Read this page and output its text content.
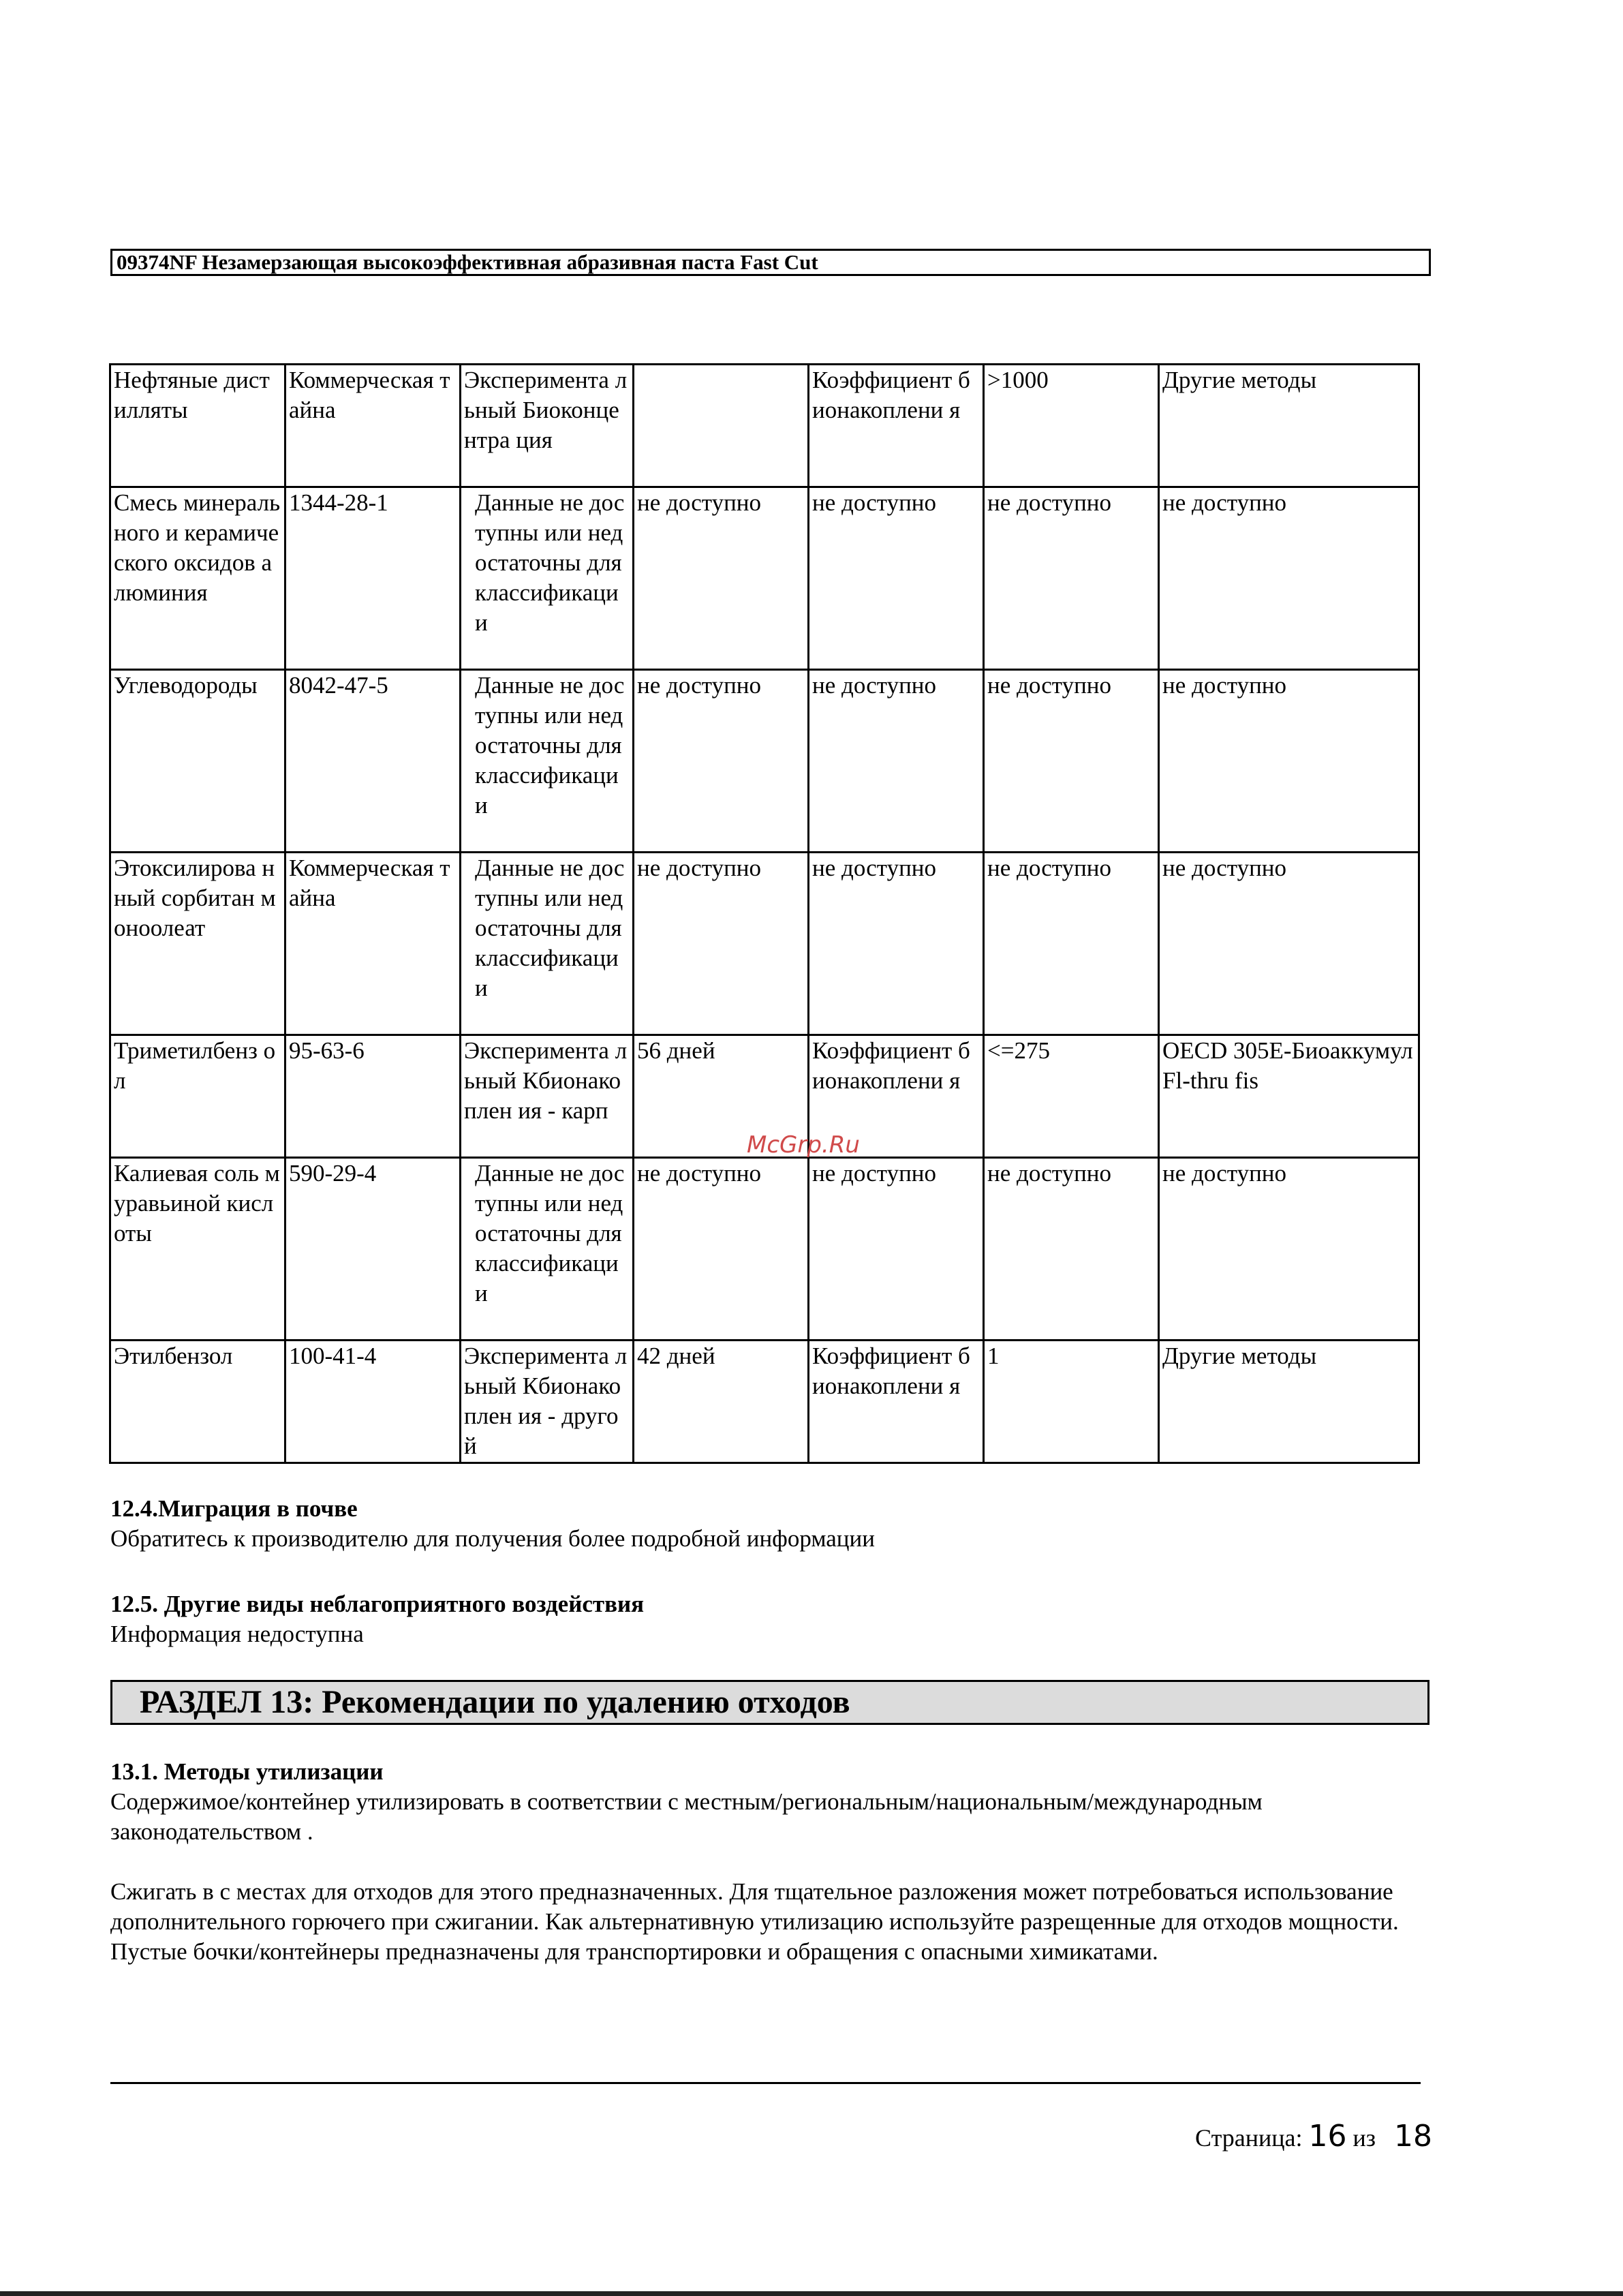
09374NF Незамерзающая высокоэффективная абразивная паста Fast Cut
Нефтяные дистилляты	Коммерческая тайна	Эксперимента льный Биоконцентра ция		Коэффициент бионакоплени я	>1000	Другие методы
Смесь минерального и керамического оксидов алюминия	1344-28-1	Данные не доступны или недостаточны для классификаци и	не доступно	не доступно	не доступно	не доступно
Углеводороды	8042-47-5	Данные не доступны или недостаточны для классификаци и	не доступно	не доступно	не доступно	не доступно
Этоксилирова нный сорбитан моноолеат	Коммерческая тайна	Данные не доступны или недостаточны для классификаци и	не доступно	не доступно	не доступно	не доступно
Триметилбенз ол	95-63-6	Эксперимента льный Кбионакоплен ия - карп	56 дней	Коэффициент бионакоплени я	<=275	OECD 305E-Биоаккумул Fl-thru fis
Калиевая соль муравьиной кислоты	590-29-4	Данные не доступны или недостаточны для классификаци и	не доступно	не доступно	не доступно	не доступно
Этилбензол	100-41-4	Эксперимента льный Кбионакоплен ия - другой	42 дней	Коэффициент бионакоплени я	1	Другие методы
McGrp.Ru
12.4.Миграция в почве
Обратитесь к производителю для получения более подробной информации
12.5. Другие виды неблагоприятного воздействия
Информация недоступна
РАЗДЕЛ 13: Рекомендации по удалению отходов
13.1. Методы утилизации
Содержимое/контейнер утилизировать в соответствии с местным/региональным/национальным/международным законодательством .
Сжигать в с местах для отходов для этого предназначенных. Для тщательное разложения может потребоваться использование дополнительного горючего при сжигании. Как альтернативную утилизацию используйте разрещенные для отходов мощности. Пустые бочки/контейнеры предназначены для транспортировки и обращения с опасными химикатами.
Страница: 16 из 18
